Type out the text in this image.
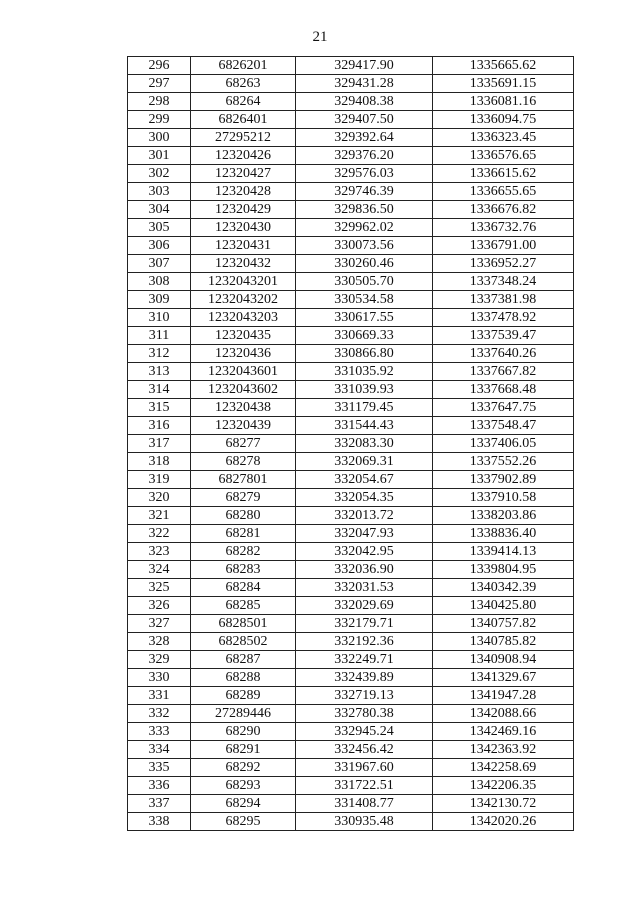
21
296	6826201	329417.90	1335665.62
297	68263	329431.28	1335691.15
298	68264	329408.38	1336081.16
299	6826401	329407.50	1336094.75
300	27295212	329392.64	1336323.45
301	12320426	329376.20	1336576.65
302	12320427	329576.03	1336615.62
303	12320428	329746.39	1336655.65
304	12320429	329836.50	1336676.82
305	12320430	329962.02	1336732.76
306	12320431	330073.56	1336791.00
307	12320432	330260.46	1336952.27
308	1232043201	330505.70	1337348.24
309	1232043202	330534.58	1337381.98
310	1232043203	330617.55	1337478.92
311	12320435	330669.33	1337539.47
312	12320436	330866.80	1337640.26
313	1232043601	331035.92	1337667.82
314	1232043602	331039.93	1337668.48
315	12320438	331179.45	1337647.75
316	12320439	331544.43	1337548.47
317	68277	332083.30	1337406.05
318	68278	332069.31	1337552.26
319	6827801	332054.67	1337902.89
320	68279	332054.35	1337910.58
321	68280	332013.72	1338203.86
322	68281	332047.93	1338836.40
323	68282	332042.95	1339414.13
324	68283	332036.90	1339804.95
325	68284	332031.53	1340342.39
326	68285	332029.69	1340425.80
327	6828501	332179.71	1340757.82
328	6828502	332192.36	1340785.82
329	68287	332249.71	1340908.94
330	68288	332439.89	1341329.67
331	68289	332719.13	1341947.28
332	27289446	332780.38	1342088.66
333	68290	332945.24	1342469.16
334	68291	332456.42	1342363.92
335	68292	331967.60	1342258.69
336	68293	331722.51	1342206.35
337	68294	331408.77	1342130.72
338	68295	330935.48	1342020.26
